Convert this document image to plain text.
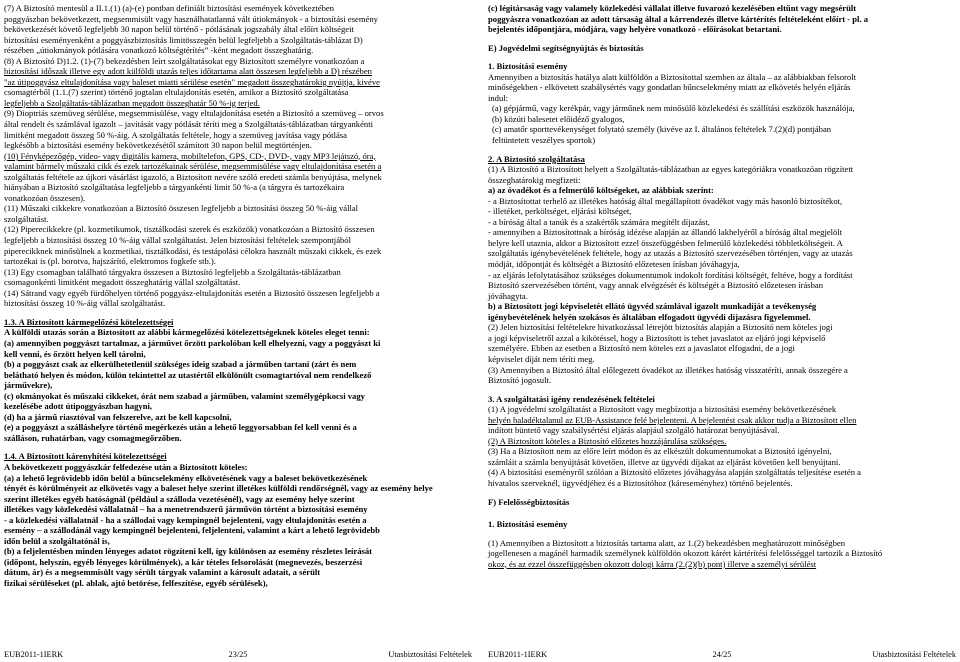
(7) A Biztosító mentesül a II.1.(1) (a)-(e) pontban definiált biztosítási események következtében

poggyászban bekövetkezett, megsemmisült vagy használhatatlanná vált útiokmányok - a biztosítási esemény

bekövetkezését követő legfeljebb 30 napon belül történő - pótlásának jogszabály által előírt költségeit

biztosítási eseményenként a poggyászbiztosítás limitösszegén belül legfeljebb a Szolgáltatás-táblázat D)

részében „útiokmányok pótlására vonatkozó költségtérítés” -ként megadott összeghatárig.

(8) A Biztosító D)1.2. (1)-(7) bekezdésben leírt szolgáltatásokat egy Biztosított személyre vonatkozóan a

biztosítási időszak illetve egy adott külföldi utazás teljes időtartama alatt összesen legfeljebb a D) részében

"az útipoggyász eltulajdonítása vagy baleset miatti sérülése esetén" megadott összeghatárokig nyújtja, kivéve

csomagtérből (1.1.(7) szerint) történő jogtalan eltulajdonítás esetén, amikor a Biztosító szolgáltatása

legfeljebb a Szolgáltatás-táblázatban megadott összeghatár 50 %-ig terjed.

(9) Dioptriás szemüveg sérülése, megsemmisülése, vagy eltulajdonítása esetén a Biztosító a szemüveg – orvos

által rendelt és számlával igazolt – javítását vagy pótlását téríti meg a Szolgáltatás-táblázatban tárgyankénti

limitként megadott összeg 50 %-áig. A szolgáltatás feltétele, hogy a szemüveg javítása vagy pótlása

legkésőbb a biztosítási esemény bekövetkezésétől számított 30 napon belül megtörténjen.

(10) Fényképezőgép, video- vagy digitális kamera, mobiltelefon, GPS, CD-, DVD-, vagy MP3 lejátszó, óra,

valamint bármely műszaki cikk és ezek tartozékainak sérülése, megsemmisülése vagy eltulajdonítása esetén a

szolgáltatás feltétele az újkori vásárlást igazoló, a Biztosított nevére szóló eredeti számla benyújtása, melynek

hiányában a Biztosító szolgáltatása legfeljebb a tárgyankénti limit 50 %-a (a tárgyra és tartozékaira

vonatkozóan összesen).

(11) Műszaki cikkekre vonatkozóan a Biztosító összesen legfeljebb a biztosítási összeg 50 %-áig vállal

szolgáltatást.

(12) Piperecikkekre (pl. kozmetikumok, tisztálkodási szerek és eszközök) vonatkozóan a Biztosító összesen

legfeljebb a biztosítási összeg 10 %-áig vállal szolgáltatást. Jelen biztosítási feltételek szempontjából

piperecikknek minősülnek a kozmetikai, tisztálkodási, és testápolási célokra használt műszaki cikkek, és ezek

tartozékai is (pl. borotva, hajszárító, elektromos fogkefe stb.).

(13) Egy csomagban található tárgyakra összesen a Biztosító legfeljebb a Szolgáltatás-táblázatban

csomagonkénti limitként megadott összeghatárig vállal szolgáltatást.

(14) Sátrand vagy egyéb fürdőhelyen történő poggyász-eltulajdonítás esetén a Biztosító összesen legfeljebb a

biztosítási összeg 10 %-áig vállal szolgáltatást.

1.3. A Biztosított kármegelőzési kötelezettségei

A külföldi utazás során a Biztosított az alábbi kármegelőzési kötelezettségeknek köteles eleget tenni:

(a) amennyiben poggyászt tartalmaz, a járművet őrzött parkolóban kell elhelyezni, vagy a poggyászt ki

kell venni, és őrzött helyen kell tárolni,

(b) a poggyászt csak az elkerülhetetlenül szükséges ideig szabad a járműben tartani (zárt és nem

belátható helyen és módon, külön tekintettel az utastértől elkülönült csomagtartóval nem rendelkező

járművekre),

(c) okmányokat és műszaki cikkeket, órát nem szabad a járműben, valamint személygépkocsi vagy

kezelésébe adott útipoggyászban hagyni,

(d) ha a jármű riasztóval van felszerelve, azt be kell kapcsolni,

(e) a poggyászt a szálláshelyre történő megérkezés után a lehető leggyorsabban fel kell venni és a

szálláson, ruhatárban, vagy csomagmegőrzőben.

1.4. A Biztosított kárenyhítési kötelezettségei

A bekövetkezett poggyászkár felfedezése után a Biztosított köteles:

(a) a lehető legrövidebb időn belül a bűncselekmény elkövetésének vagy a baleset bekövetkezésének

tényét és körülményeit az elkövetés vagy a baleset helye szerint illetékes külföldi rendőrségnél, vagy az esemény helye

szerint illetékes egyéb hatóságnál (például a szálloda vezetésénél), vagy az esemény helye szerint

illetékes vagy közlekedési vállalatnál – ha a menetrendszerű járművön történt a biztosítási esemény

- a közlekedési vállalatnál - ha a szállodai vagy kempingnél bejelenteni, vagy eltulajdonítás esetén a

esemény – a szállodánál vagy kempingnél bejelenteni, feljelenteni, valamint a kárt a lehető legrövidebb

időn belül a szolgáltatónál is,

(b) a feljelentésben minden lényeges adatot rögzíteni kell, így különösen az esemény részletes leírását

(időpont, helyszín, egyéb lényeges körülmények), a kár tételes felsorolását (megnevezés, beszerzési

dátum, ár) és a megsemmisült vagy sérült tárgyak valamint a károsult adatait, a sérült

fizikai sérüléseket (pl. ablak, ajtó betörése, felfeszítése, egyéb sérülések),

EUB2011-1IERK	23/25	Utasbiztosítási Feltételek

(c) légitársaság vagy valamely közlekedési vállalat illetve fuvarozó kezelésében eltűnt vagy megsérült

poggyászra vonatkozóan az adott társaság által a kárrendezés illetve kártérítés feltételeként előírt - pl. a

bejelentés időpontjára, módjára, vagy helyére vonatkozó - előírásokat betartani.

E) Jogvédelmi segítségnyújtás és biztosítás

1. Biztosítási esemény

Amennyiben a biztosítás hatálya alatt külföldön a Biztosítottal szemben az általa – az alábbiakban felsorolt

minőségekben - elkövetett szabálysértés vagy gondatlan bűncselekmény miatt az elkövetés helyén eljárás

indul:

(a) gépjármű, vagy kerékpár, vagy járműnek nem minősülő közlekedési és szállítási eszközök használója,

(b) közúti balesetet előidéző gyalogos,

(c) amatőr sporttevékenységet folytató személy (kivéve az I. általános feltételek 7.(2)(d) pontjában

feltüntetett veszélyes sportok)

2. A Biztosító szolgáltatása

(1) A Biztosító a Biztosított helyett a Szolgáltatás-táblázatban az egyes kategóriákra vonatkozóan rögzített

összeghatárokig megfizeti:

a) az óvadékot és a felmerülő költségeket, az alábbiak szerint:

- a Biztosítottat terhelő az illetékes hatóság által megállapított óvadékot vagy más hasonló biztosítékot,

- illetéket, perköltséget, eljárási költséget,

- a bíróság által a tanúk és a szakértők számára megítélt díjazást,

- amennyiben a Biztosítottnak a bíróság idézése alapján az állandó lakhelyéről a bíróság által megjelölt

helyre kell utaznia, akkor a Biztosított ezzel összefüggésben felmerülő közlekedési többletköltségeit. A

szolgáltatás igénybevételének feltétele, hogy az utazás a Biztosító szervezésében történjen, vagy az utazás

módját, időpontját és költségét a Biztosító előzetesen írásban jóváhagyja,

- az eljárás lefolytatásához szükséges dokumentumok indokolt fordítási költségét, feltéve, hogy a fordítást

Biztosító szervezésében történt, vagy annak elvégzését és költségét a Biztosító előzetesen írásban

jóváhagyta.

b) a Biztosított jogi képviseletét ellátó ügyvéd számlával igazolt munkadíját a tevékenység

igénybevételének helyén szokásos és általában elfogadott ügyvédi díjazásra figyelemmel.

(2) Jelen biztosítási feltételekre hivatkozással létrejött biztosítás alapján a Biztosító nem köteles jogi

a jogi képviseletről azzal a kikötéssel, hogy a Biztosított is tehet javaslatot az eljáró jogi képviselő

személyére. Ebben az esetben a Biztosító nem köteles ezt a javaslatot elfogadni, de a jogi

képviselet díját nem téríti meg.

(3) Amennyiben a Biztosító által előlegezett óvadékot az illetékes hatóság visszatéríti, annak összegére a

Biztosító jogosult.

3. A szolgáltatási igény rendezésének feltételei

(1) A jogvédelmi szolgáltatást a Biztosított vagy megbízottja a biztosítási esemény bekövetkezésének

helyén haladéktalanul az EUB-Assistance felé bejelenteni. A bejelentést csak akkor tudja a Biztosított ellen

indított büntető vagy szabálysértési eljárás alapjául szolgáló határozat benyújtásával.

(2) A Biztosított köteles a Biztosító előzetes hozzájárulása szükséges.

(3) Ha a Biztosított nem az előre leírt módon és az elkészült dokumentumokat a Biztosító igényelni,

számláit a számla benyújtását követően, illetve az ügyvédi díjakat az eljárást követően kell benyújtani.

(4) A biztosítási eseményről szólóan a Biztosító előzetes jóváhagyása alapján szolgáltatás teljesítése esetén a

hivatalos szerveknél, ügyvédjéhez és a Biztosítóhoz (káreseményhez) történő bejelentés.

F) Felelősségbiztosítás

1. Biztosítási esemény

(1) Amennyiben a Biztosított a biztosítás tartama alatt, az 1.(2) bekezdésben meghatározott minőségben

jogellenesen a magánél harmadik személynek külföldön okozott kárért kártérítési felelősséggel tartozik a Biztosító

okoz, és az ezzel összefüggésben okozott dologi kárra (2.(2)(b) pont) illetve a személyi sérülést

EUB2011-1IERK	24/25	Utasbiztosítási Feltételek
